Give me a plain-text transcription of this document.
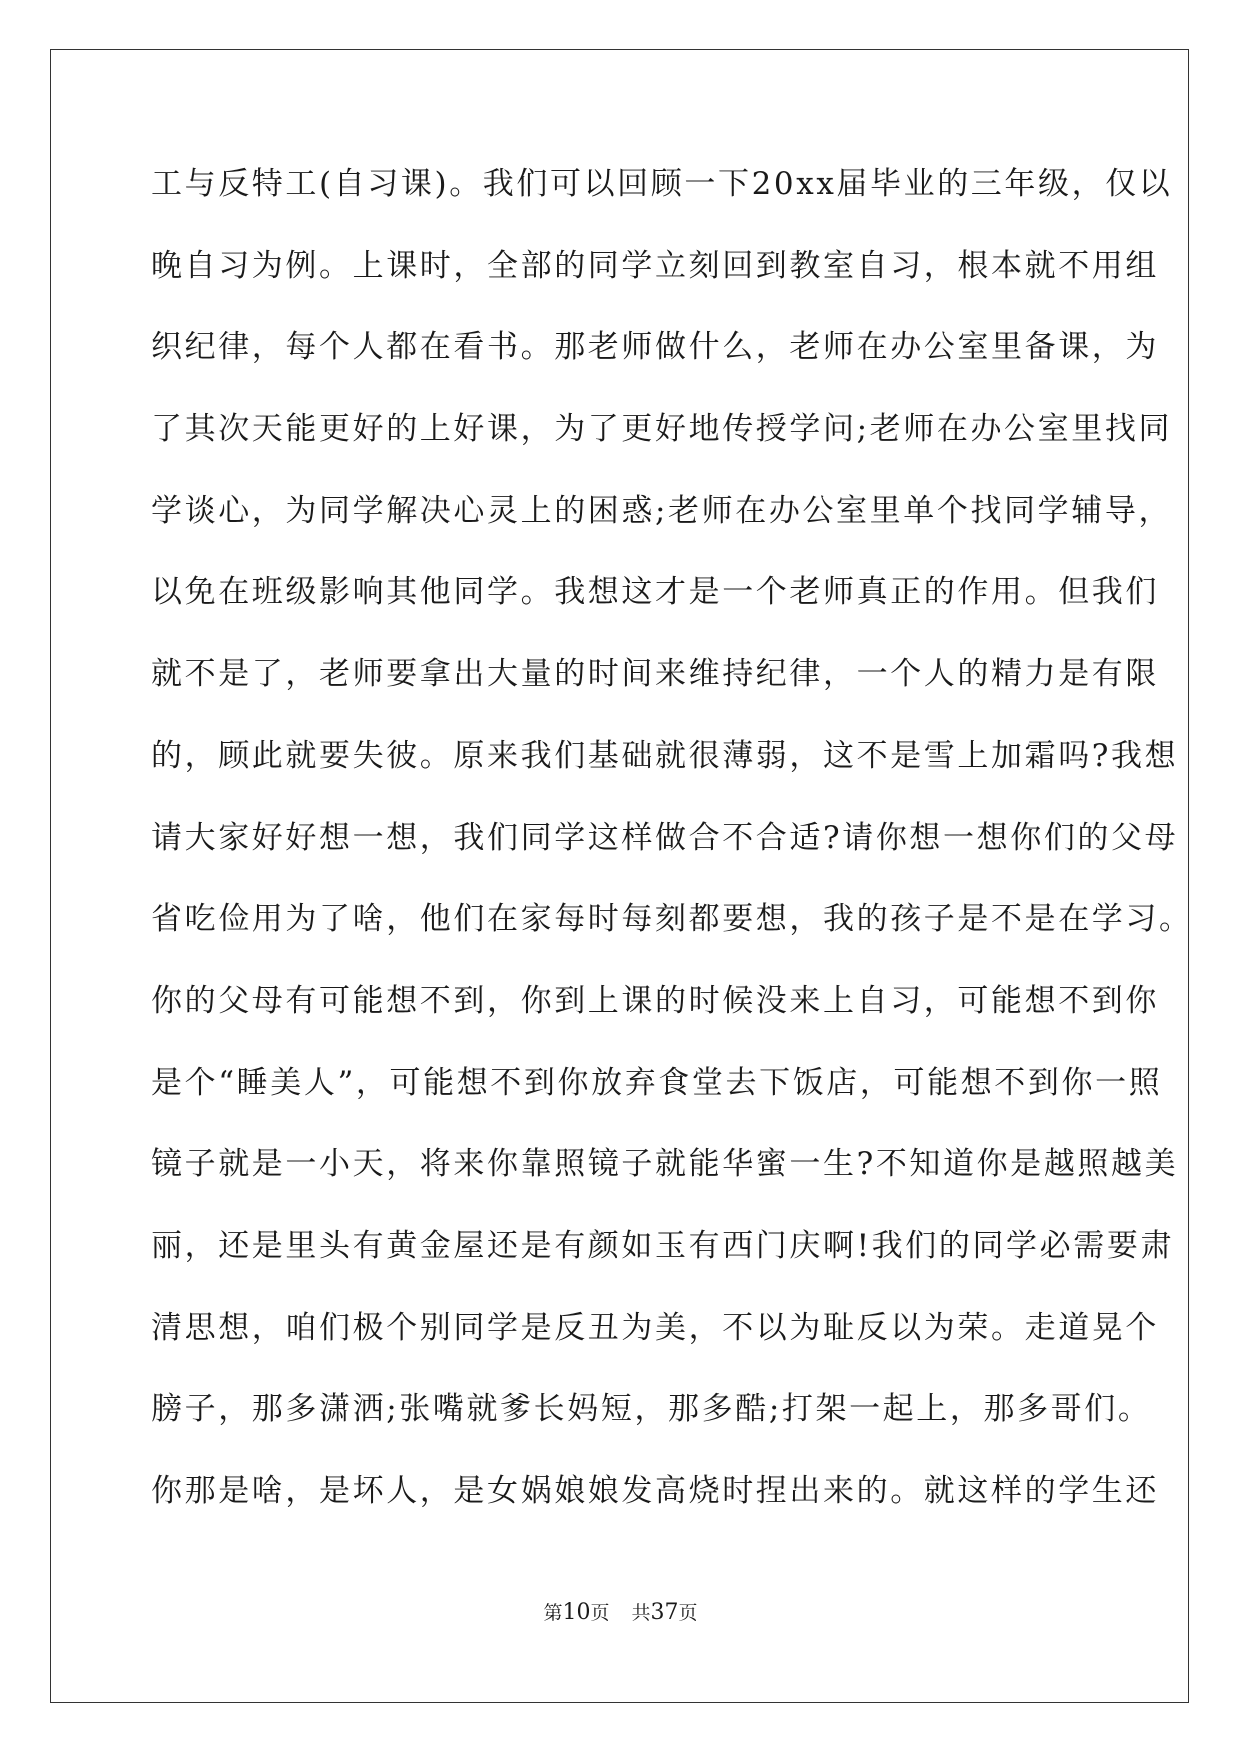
工与反特工(自习课)。我们可以回顾一下20xx届毕业的三年级，仅以
晚自习为例。上课时，全部的同学立刻回到教室自习，根本就不用组
织纪律，每个人都在看书。那老师做什么，老师在办公室里备课，为
了其次天能更好的上好课，为了更好地传授学问;老师在办公室里找同
学谈心，为同学解决心灵上的困惑;老师在办公室里单个找同学辅导，
以免在班级影响其他同学。我想这才是一个老师真正的作用。但我们
就不是了，老师要拿出大量的时间来维持纪律，一个人的精力是有限
的，顾此就要失彼。原来我们基础就很薄弱，这不是雪上加霜吗?我想
请大家好好想一想，我们同学这样做合不合适?请你想一想你们的父母
省吃俭用为了啥，他们在家每时每刻都要想，我的孩子是不是在学习。
你的父母有可能想不到，你到上课的时候没来上自习，可能想不到你
是个“睡美人”，可能想不到你放弃食堂去下饭店，可能想不到你一照
镜子就是一小天，将来你靠照镜子就能华蜜一生?不知道你是越照越美
丽，还是里头有黄金屋还是有颜如玉有西门庆啊!我们的同学必需要肃
清思想，咱们极个别同学是反丑为美，不以为耻反以为荣。走道晃个
膀子，那多潇洒;张嘴就爹长妈短，那多酷;打架一起上，那多哥们。
你那是啥，是坏人，是女娲娘娘发高烧时捏出来的。就这样的学生还
第10页 共37页
